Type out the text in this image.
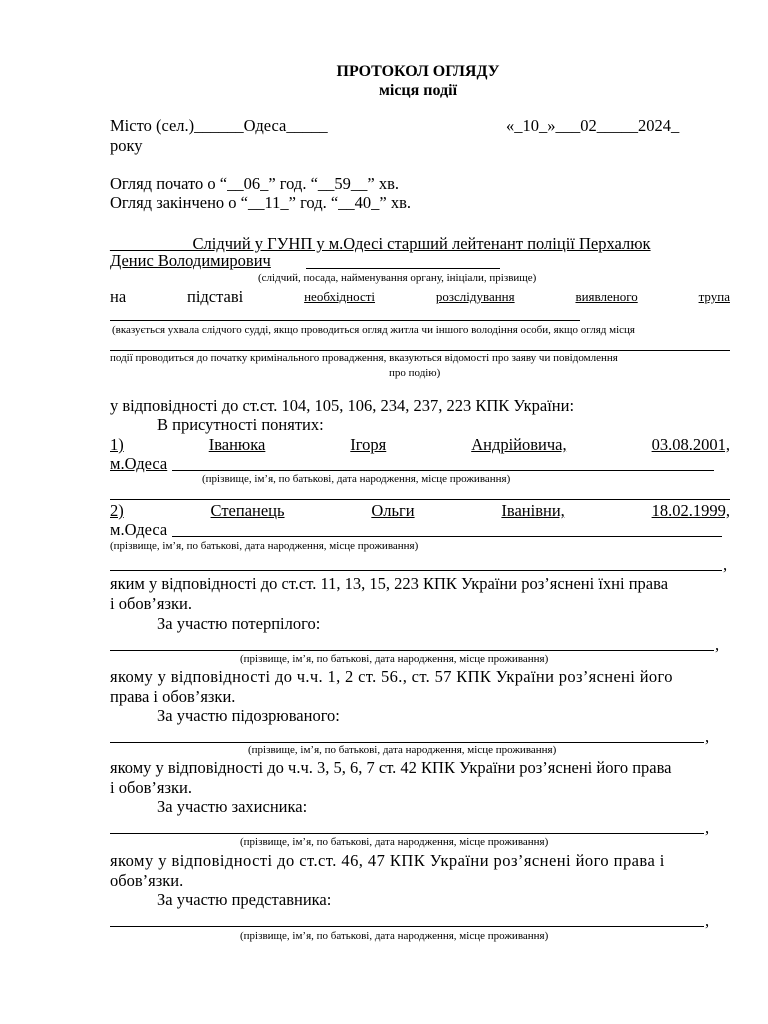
ПРОТОКОЛ ОГЛЯДУ
місця події
Місто (сел.)______Одеса_____	«_10_»___02_____2024_
року
Огляд почато о “__06_” год. “__59__” хв.
Огляд закінчено о “__11_” год. “__40_” хв.
__________Слідчий у ГУНП у м.Одесі старший лейтенант поліції Перхалюк
Денис Володимирович
(слідчий, посада, найменування органу, ініціали, прізвище)
на	підставі	необхідності	розслідування	виявленого	трупа
(вказується ухвала слідчого судді, якщо проводиться огляд житла чи іншого володіння особи, якщо огляд місця
події проводиться до початку кримінального провадження, вказуються відомості про заяву чи повідомлення
про подію)
у відповідності до ст.ст. 104, 105, 106, 234, 237, 223 КПК України:
В присутності понятих:
1)	Іванюка	Ігоря	Андрійовича,	03.08.2001,
м.Одеса
(прізвище, ім’я, по батькові, дата народження, місце проживання)
2)	Степанець	Ольги	Іванівни,	18.02.1999,
м.Одеса
(прізвище, ім’я, по батькові, дата народження, місце проживання)
,
яким у відповідності до ст.ст. 11, 13, 15, 223 КПК України роз’яснені їхні права
і обов’язки.
За участю потерпілого:
,
(прізвище, ім’я, по батькові, дата народження, місце проживання)
якому у відповідності до ч.ч. 1, 2 ст. 56., ст. 57 КПК України роз’яснені його
права і обов’язки.
За участю підозрюваного:
,
(прізвище, ім’я, по батькові, дата народження, місце проживання)
якому у відповідності до ч.ч. 3, 5, 6, 7 ст. 42 КПК України роз’яснені його права
і обов’язки.
За участю захисника:
,
(прізвище, ім’я, по батькові, дата народження, місце проживання)
якому у відповідності до ст.ст. 46, 47 КПК України роз’яснені його права і
обов’язки.
За участю представника:
,
(прізвище, ім’я, по батькові, дата народження, місце проживання)
